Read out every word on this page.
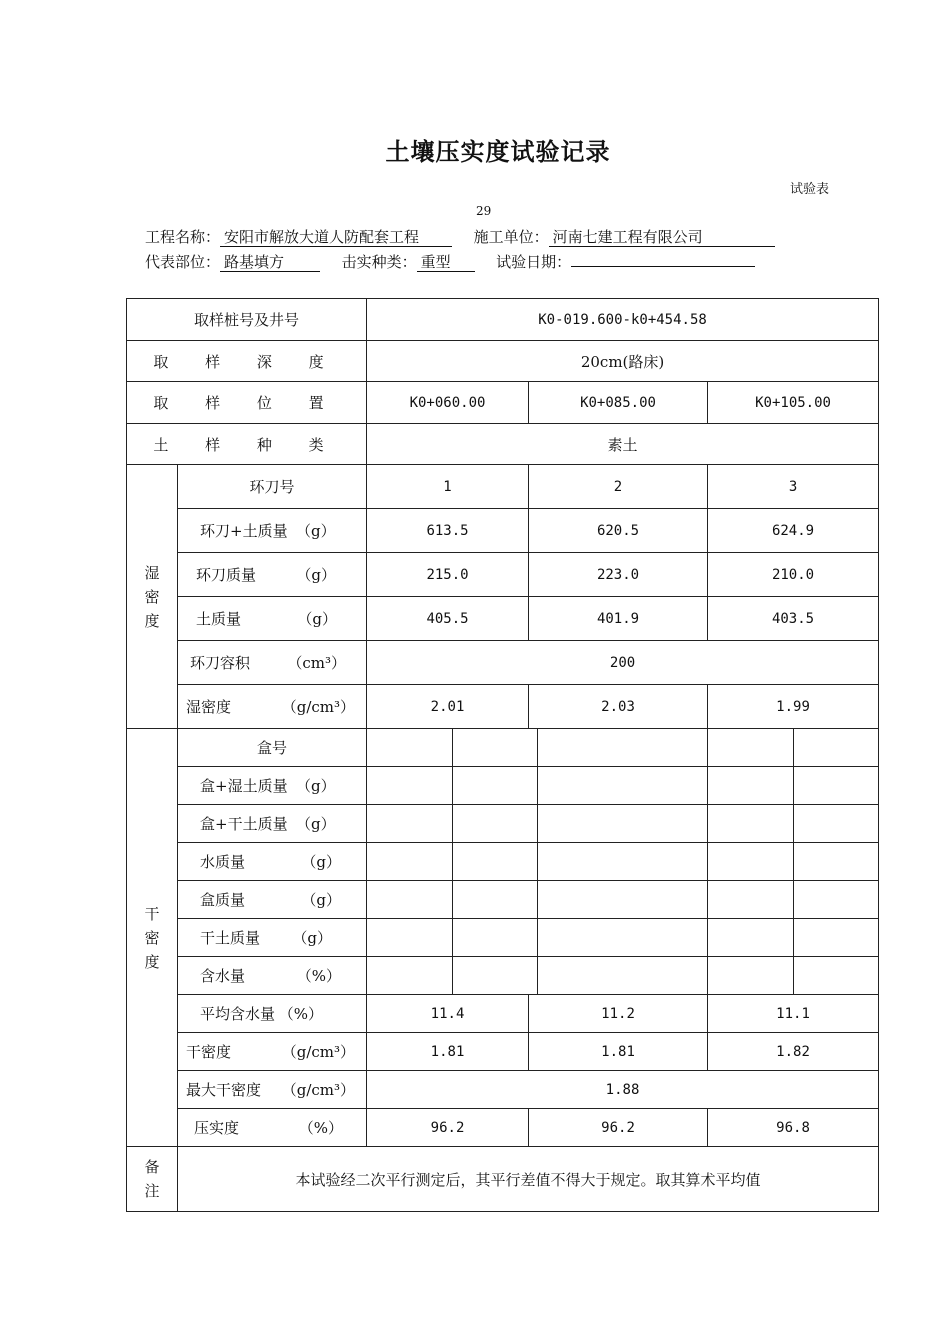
土壤压实度试验记录
试验表
29
工程名称： 安阳市解放大道人防配套工程	施工单位： 河南七建工程有限公司
代表部位： 路基填方	击实种类： 重型	试验日期：
取样桩号及井号		K0-019.600-k0+454.58						
取 样 深 度		20cm(路床)						
取 样 位 置		K0+060.00		K0+085.00		K0+105.00		
土 样 种 类		素土						
湿密度	环刀号	1		2		3		
	环刀+土质量 （g）	613.5		620.5		624.9		
	环刀质量 （g）	215.0		223.0		210.0		
	土质量 （g）	405.5		401.9		403.5		
	环刀容积 （cm³）	200						
	湿密度 （g/cm³）	2.01		2.03		1.99		
干密度	盒号							
	盒+湿土质量 （g）							
	盒+干土质量 （g）							
	水质量 （g）							
	盒质量 （g）							
	干土质量 （g）							
	含水量 （%）							
	平均含水量 （%）	11.4		11.2		11.1		
	干密度 （g/cm³）	1.81		1.81		1.82		
	最大干密度 （g/cm³）	1.88						
	压实度 （%）	96.2		96.2		96.8		
备注	本试验经二次平行测定后，其平行差值不得大于规定。取其算术平均值							
